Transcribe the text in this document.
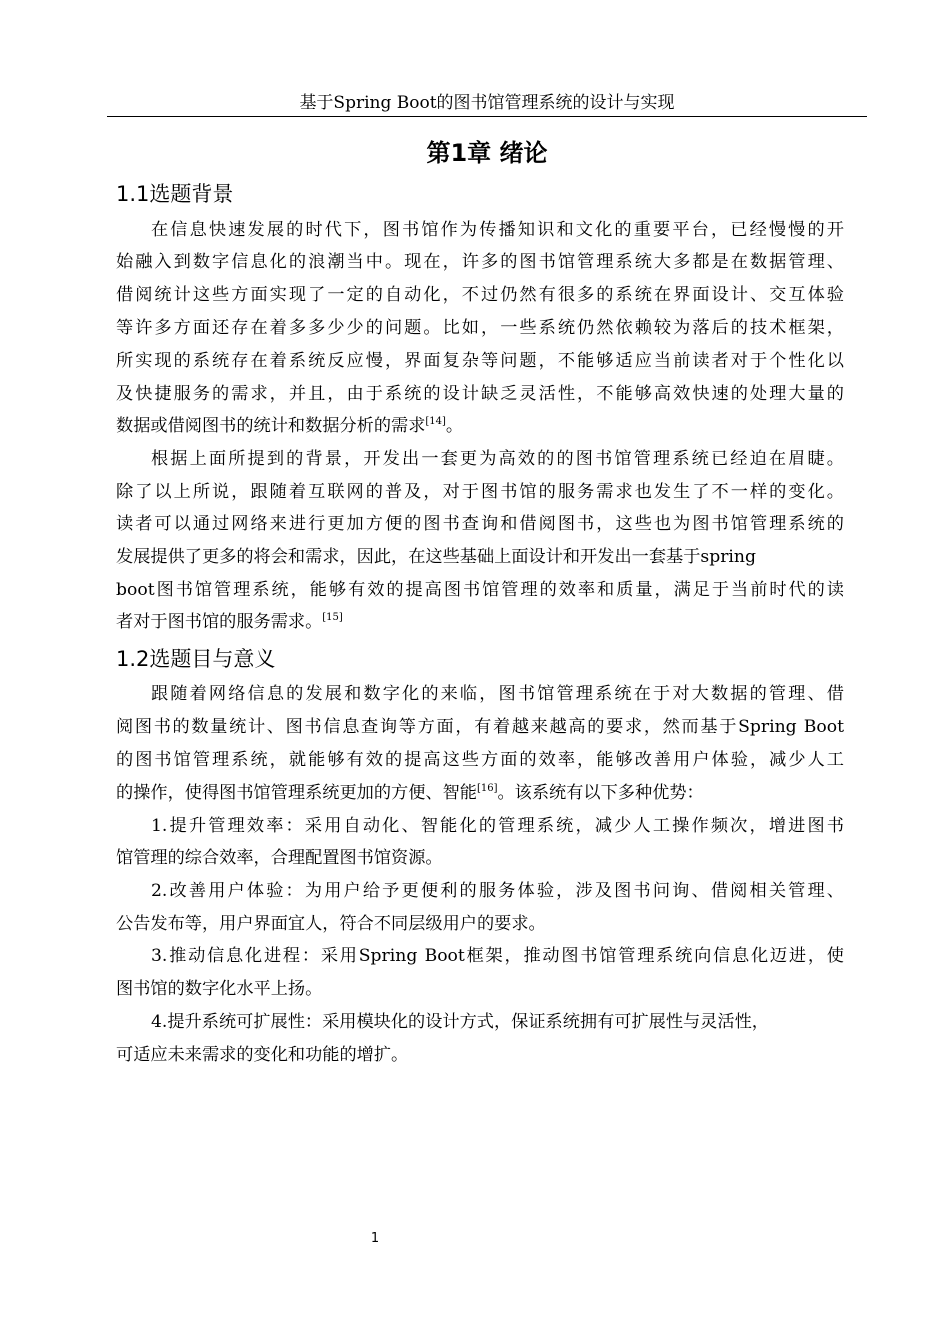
基于Spring Boot的图书馆管理系统的设计与实现
第1章 绪论
1.1选题背景
在信息快速发展的时代下，图书馆作为传播知识和文化的重要平台，已经慢慢的开
始融入到数字信息化的浪潮当中。现在，许多的图书馆管理系统大多都是在数据管理、
借阅统计这些方面实现了一定的自动化，不过仍然有很多的系统在界面设计、交互体验
等许多方面还存在着多多少少的问题。比如，一些系统仍然依赖较为落后的技术框架，
所实现的系统存在着系统反应慢，界面复杂等问题，不能够适应当前读者对于个性化以
及快捷服务的需求，并且，由于系统的设计缺乏灵活性，不能够高效快速的处理大量的
数据或借阅图书的统计和数据分析的需求[14]。
根据上面所提到的背景，开发出一套更为高效的的图书馆管理系统已经迫在眉睫。
除了以上所说，跟随着互联网的普及，对于图书馆的服务需求也发生了不一样的变化。
读者可以通过网络来进行更加方便的图书查询和借阅图书，这些也为图书馆管理系统的
发展提供了更多的将会和需求，因此，在这些基础上面设计和开发出一套基于spring
boot图书馆管理系统，能够有效的提高图书馆管理的效率和质量，满足于当前时代的读
者对于图书馆的服务需求。[15]
1.2选题目与意义
跟随着网络信息的发展和数字化的来临，图书馆管理系统在于对大数据的管理、借
阅图书的数量统计、图书信息查询等方面，有着越来越高的要求，然而基于Spring Boot
的图书馆管理系统，就能够有效的提高这些方面的效率，能够改善用户体验，减少人工
的操作，使得图书馆管理系统更加的方便、智能[16]。该系统有以下多种优势：
1.提升管理效率：采用自动化、智能化的管理系统，减少人工操作频次，增进图书
馆管理的综合效率，合理配置图书馆资源。
2.改善用户体验：为用户给予更便利的服务体验，涉及图书问询、借阅相关管理、
公告发布等，用户界面宜人，符合不同层级用户的要求。
3.推动信息化进程：采用Spring Boot框架，推动图书馆管理系统向信息化迈进，使
图书馆的数字化水平上扬。
4.提升系统可扩展性：采用模块化的设计方式，保证系统拥有可扩展性与灵活性，
可适应未来需求的变化和功能的增扩。
1
